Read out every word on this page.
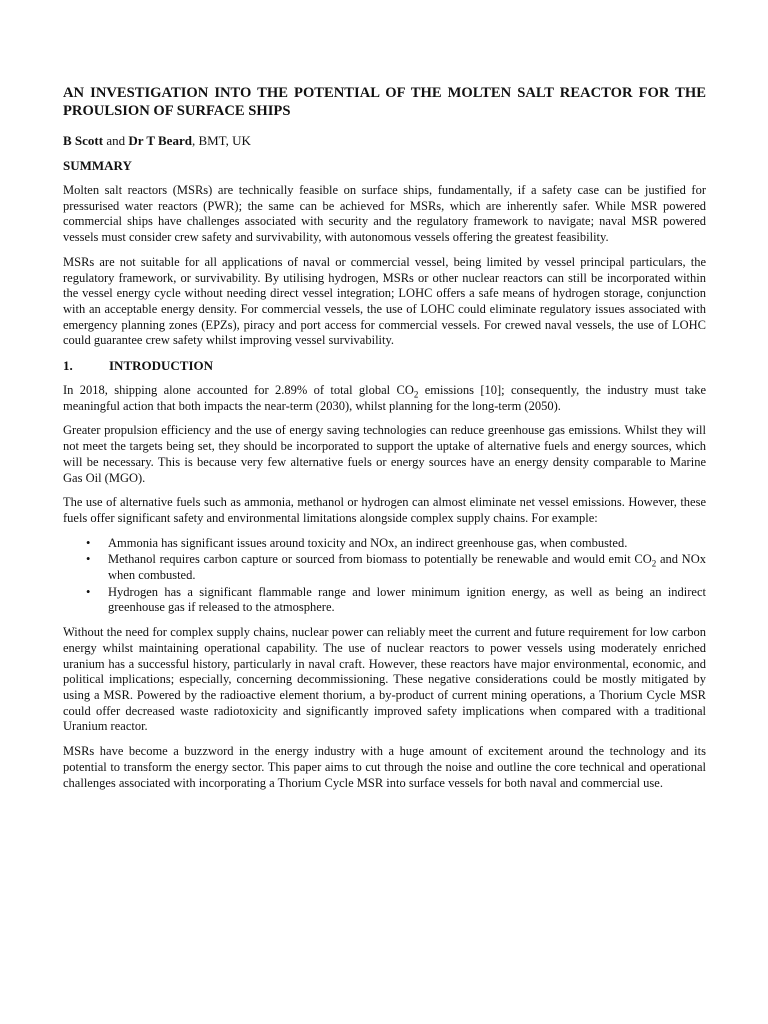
AN INVESTIGATION INTO THE POTENTIAL OF THE MOLTEN SALT REACTOR FOR THE PROULSION OF SURFACE SHIPS
B Scott and Dr T Beard, BMT, UK
SUMMARY

Molten salt reactors (MSRs) are technically feasible on surface ships, fundamentally, if a safety case can be justified for pressurised water reactors (PWR); the same can be achieved for MSRs, which are inherently safer. While MSR powered commercial ships have challenges associated with security and the regulatory framework to navigate; naval MSR powered vessels must consider crew safety and survivability, with autonomous vessels offering the greatest feasibility.

MSRs are not suitable for all applications of naval or commercial vessel, being limited by vessel principal particulars, the regulatory framework, or survivability. By utilising hydrogen, MSRs or other nuclear reactors can still be incorporated within the vessel energy cycle without needing direct vessel integration; LOHC offers a safe means of hydrogen storage, conjunction with an acceptable energy density. For commercial vessels, the use of LOHC could eliminate regulatory issues associated with emergency planning zones (EPZs), piracy and port access for commercial vessels. For crewed naval vessels, the use of LOHC could guarantee crew safety whilst improving vessel survivability.

1.	INTRODUCTION

In 2018, shipping alone accounted for 2.89% of total global $CO_2$ emissions [10]; consequently, the industry must take meaningful action that both impacts the near-term (2030), whilst planning for the long-term (2050).

Greater propulsion efficiency and the use of energy saving technologies can reduce greenhouse gas emissions. Whilst they will not meet the targets being set, they should be incorporated to support the uptake of alternative fuels and energy sources, which will be necessary. This is because very few alternative fuels or energy sources have an energy density comparable to Marine Gas Oil (MGO).

The use of alternative fuels such as ammonia, methanol or hydrogen can almost eliminate net vessel emissions. However, these fuels offer significant safety and environmental limitations alongside complex supply chains. For example:

• Ammonia has significant issues around toxicity and NOx, an indirect greenhouse gas, when combusted.
• Methanol requires carbon capture or sourced from biomass to potentially be renewable and would emit $CO_2$ and NOx when combusted.
• Hydrogen has a significant flammable range and lower minimum ignition energy, as well as being an indirect greenhouse gas if released to the atmosphere.

Without the need for complex supply chains, nuclear power can reliably meet the current and future requirement for low carbon energy whilst maintaining operational capability. The use of nuclear reactors to power vessels using moderately enriched uranium has a successful history, particularly in naval craft. However, these reactors have major environmental, economic, and political implications; especially, concerning decommissioning. These negative considerations could be mostly mitigated by using a MSR. Powered by the radioactive element thorium, a by-product of current mining operations, a Thorium Cycle MSR could offer decreased waste radiotoxicity and significantly improved safety implications when compared with a traditional Uranium reactor.

MSRs have become a buzzword in the energy industry with a huge amount of excitement around the technology and its potential to transform the energy sector. This paper aims to cut through the noise and outline the core technical and operational challenges associated with incorporating a Thorium Cycle MSR into surface vessels for both naval and commercial use.
